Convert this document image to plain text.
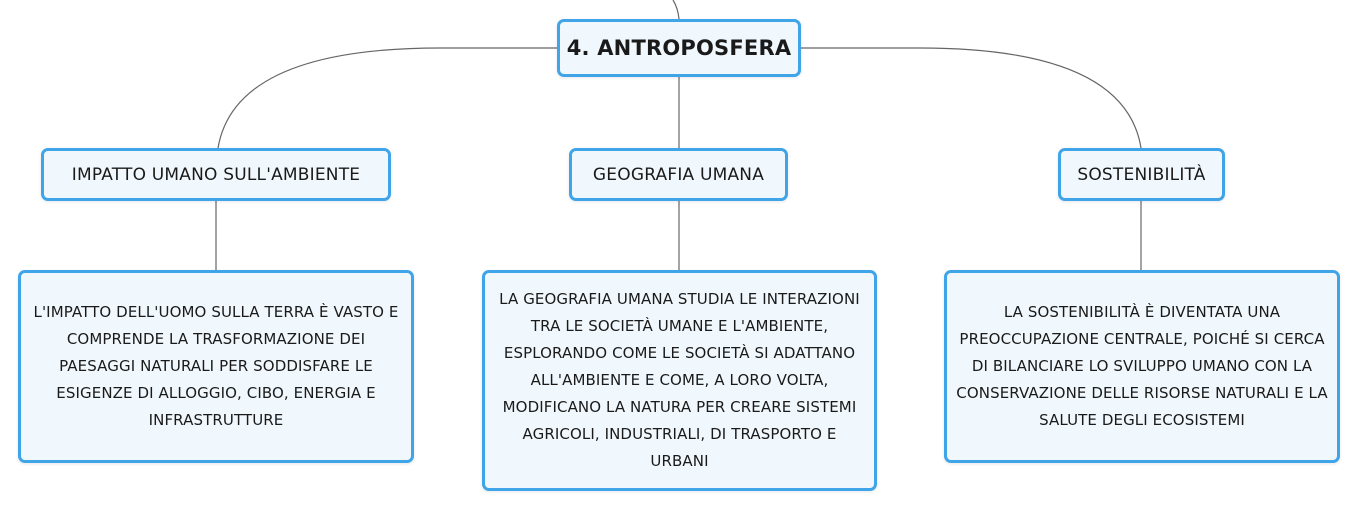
4. ANTROPOSFERA
IMPATTO UMANO SULL'AMBIENTE	GEOGRAFIA UMANA	SOSTENIBILITÀ
L'IMPATTO DELL'UOMO SULLA TERRA È VASTO E COMPRENDE LA TRASFORMAZIONE DEI PAESAGGI NATURALI PER SODDISFARE LE ESIGENZE DI ALLOGGIO, CIBO, ENERGIA E INFRASTRUTTURE
LA GEOGRAFIA UMANA STUDIA LE INTERAZIONI TRA LE SOCIETÀ UMANE E L'AMBIENTE, ESPLORANDO COME LE SOCIETÀ SI ADATTANO ALL'AMBIENTE E COME, A LORO VOLTA, MODIFICANO LA NATURA PER CREARE SISTEMI AGRICOLI, INDUSTRIALI, DI TRASPORTO E URBANI
LA SOSTENIBILITÀ È DIVENTATA UNA PREOCCUPAZIONE CENTRALE, POICHÉ SI CERCA DI BILANCIARE LO SVILUPPO UMANO CON LA CONSERVAZIONE DELLE RISORSE NATURALI E LA SALUTE DEGLI ECOSISTEMI
